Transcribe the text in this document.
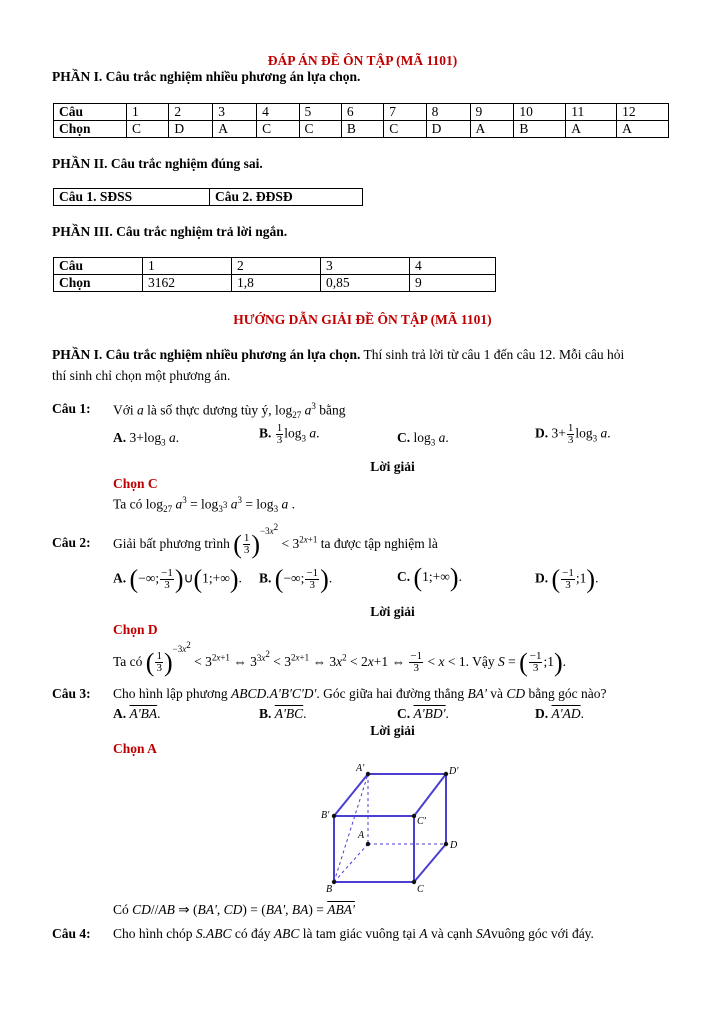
ĐÁP ÁN ĐỀ ÔN TẬP (MÃ 1101)
PHẦN I. Câu trắc nghiệm nhiều phương án lựa chọn.
Câu	1	2	3	4	5	6	7	8	9	10	11	12
Chọn	C	D	A	C	C	B	C	D	A	B	A	A
PHẦN II. Câu trắc nghiệm đúng sai.
Câu 1. SĐSS	Câu 2. ĐĐSĐ
PHẦN III. Câu trắc nghiệm trả lời ngắn.
Câu	1	2	3	4
Chọn	3162	1,8	0,85	9
HƯỚNG DẪN GIẢI ĐỀ ÔN TẬP (MÃ 1101)
PHẦN I. Câu trắc nghiệm nhiều phương án lựa chọn. Thí sinh trả lời từ câu 1 đến câu 12. Mỗi câu hỏi
thí sinh chỉ chọn một phương án.
Câu 1: Với a là số thực dương tùy ý, $\log_{27} a^3$ bằng
A. $3+\log_3$ a.	B. $\frac{1}{3} \log_3 a$.	C. $\log_3 a$.	D. $3+ \frac{1}{3} \log_3 a$.
Lời giải
Chọn C
Ta có $\log_{27} a^3 = \log_{3^3} a^3 = \log_3 a$ .
Câu 2: Giải bất phương trình ( $\frac{1}{3} )^{-3x^2} < 3^{2x+1}$ ta được tập nghiệm là
A. (−∞; $\frac{-1}{3}$ )∪(1;+∞). B. (−∞; $\frac{-1}{3}$ ).	C. (1;+∞).	D. ( $\frac{-1}{3}$ ;1).
Lời giải
Chọn D
Ta có ( $\frac{1}{3} )^{-3x^2} < 3^{2x+1}$ ⇔ $3^{3x^2} < 3^{2x+1}$ ⇔ $3x^2 < 2x+1$ ⇔ $\frac{-1}{3} < x < 1$. Vậy S = ( $\frac{-1}{3}$ ;1).
Câu 3: Cho hình lập phương ABCD.A'B'C'D'. Góc giữa hai đường thẳng BA' và CD bằng góc nào?
A. A'BA.	B. A'BC.	C. A'BD'.	D. A'AD.
Lời giải
Chọn A
A'	D'
B'
C'
A
D
B	C
Có CD//AB ⇒ (BA', CD) = (BA', BA) = ABA'
Câu 4: Cho hình chóp S.ABC có đáy ABC là tam giác vuông tại A và cạnh SAvuông góc với đáy.
